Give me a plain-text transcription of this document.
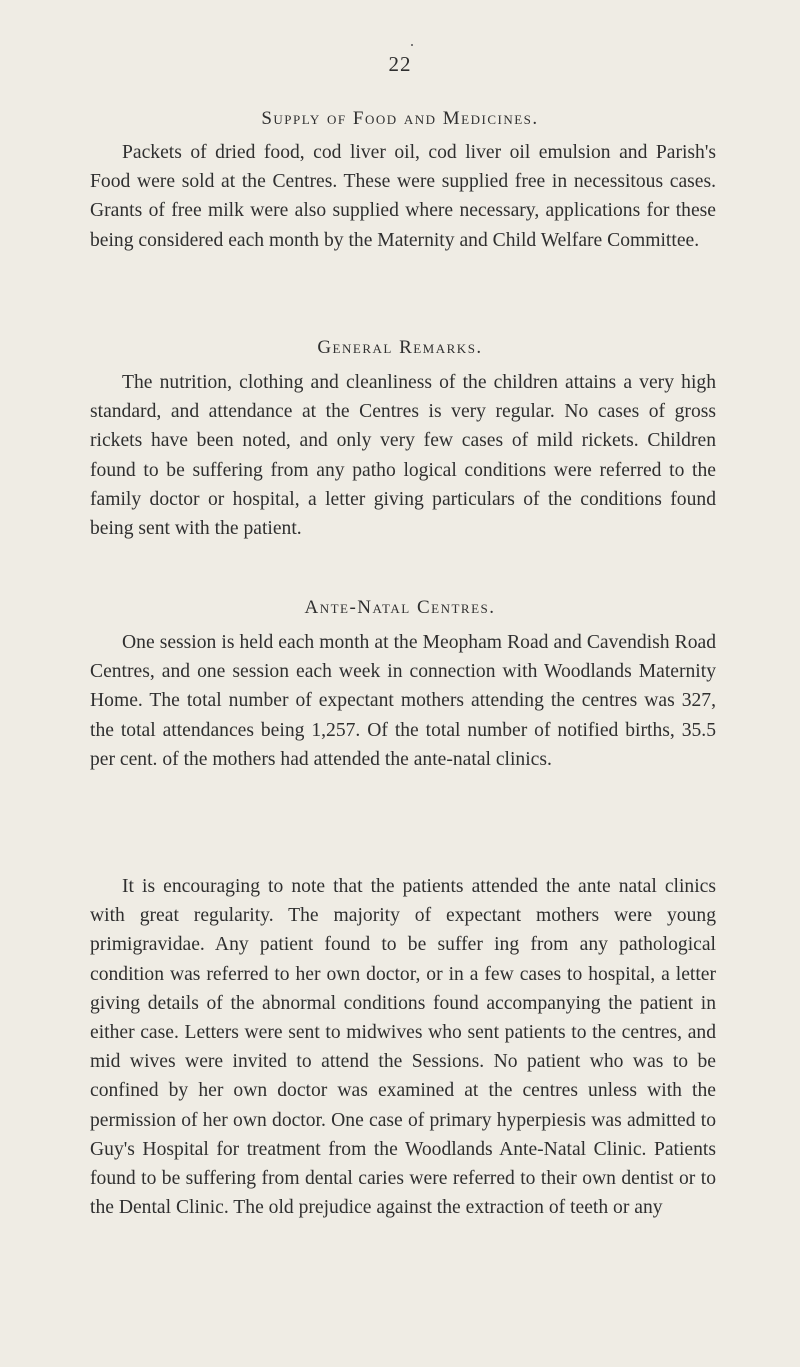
22
Supply of Food and Medicines.

Packets of dried food, cod liver oil, cod liver oil emulsion and Parish's Food were sold at the Centres. These were supplied free in necessitous cases. Grants of free milk were also supplied where necessary, applications for these being considered each month by the Maternity and Child Welfare Committee.

General Remarks.

The nutrition, clothing and cleanliness of the children attains a very high standard, and attendance at the Centres is very regular. No cases of gross rickets have been noted, and only very few cases of mild rickets. Children found to be suffering from any patho logical conditions were referred to the family doctor or hospital, a letter giving particulars of the conditions found being sent with the patient.

Ante-Natal Centres.

One session is held each month at the Meopham Road and Cavendish Road Centres, and one session each week in connection with Woodlands Maternity Home. The total number of expectant mothers attending the centres was 327, the total attendances being 1,257. Of the total number of notified births, 35.5 per cent. of the mothers had attended the ante-natal clinics.

It is encouraging to note that the patients attended the ante natal clinics with great regularity. The majority of expectant mothers were young primigravidae. Any patient found to be suffer ing from any pathological condition was referred to her own doctor, or in a few cases to hospital, a letter giving details of the abnormal conditions found accompanying the patient in either case. Letters were sent to midwives who sent patients to the centres, and mid wives were invited to attend the Sessions. No patient who was to be confined by her own doctor was examined at the centres unless with the permission of her own doctor. One case of primary hyperpiesis was admitted to Guy's Hospital for treatment from the Woodlands Ante-Natal Clinic. Patients found to be suffering from dental caries were referred to their own dentist or to the Dental Clinic. The old prejudice against the extraction of teeth or any
